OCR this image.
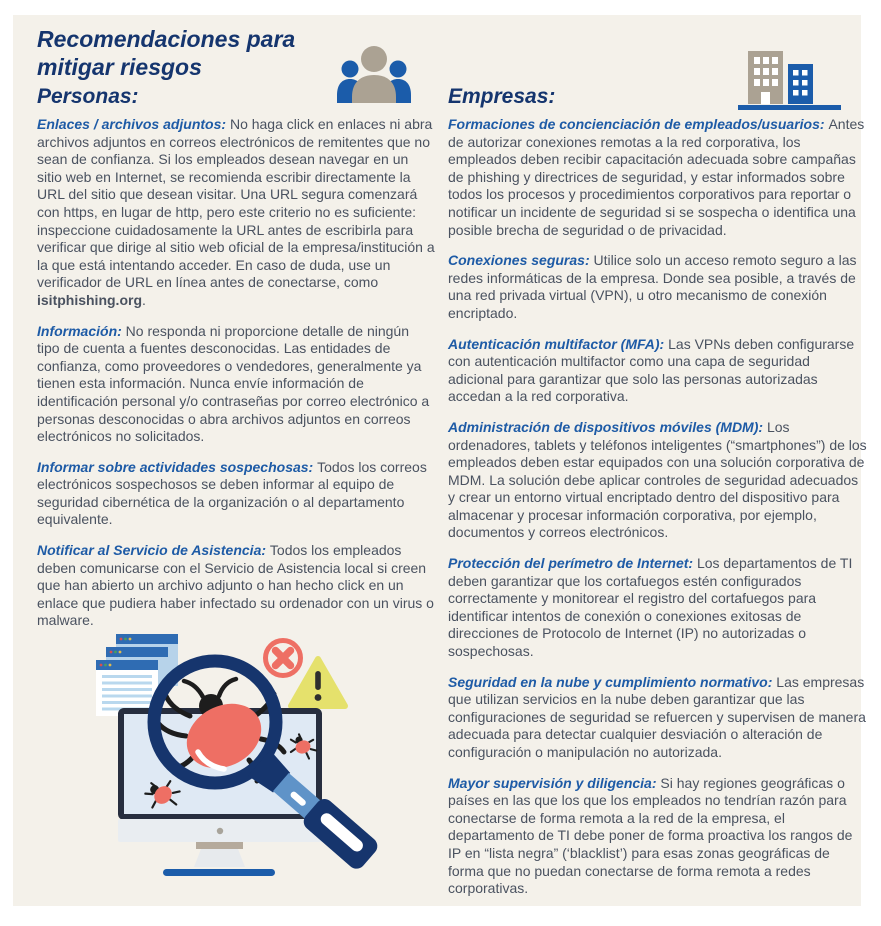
Recomendaciones para mitigar riesgos
Personas:	Empresas:

Enlaces / archivos adjuntos: No haga click en enlaces ni abra archivos adjuntos en correos electrónicos de remitentes que no sean de confianza. Si los empleados desean navegar en un sitio web en Internet, se recomienda escribir directamente la URL del sitio que desean visitar. Una URL segura comenzará con https, en lugar de http, pero este criterio no es suficiente: inspeccione cuidadosamente la URL antes de escribirla para verificar que dirige al sitio web oficial de la empresa/institución a la que está intentando acceder. En caso de duda, use un verificador de URL en línea antes de conectarse, como isitphishing.org.

Información: No responda ni proporcione detalle de ningún tipo de cuenta a fuentes desconocidas. Las entidades de confianza, como proveedores o vendedores, generalmente ya tienen esta información. Nunca envíe información de identificación personal y/o contraseñas por correo electrónico a personas desconocidas o abra archivos adjuntos en correos electrónicos no solicitados.

Informar sobre actividades sospechosas: Todos los correos electrónicos sospechosos se deben informar al equipo de seguridad cibernética de la organización o al departamento equivalente.

Notificar al Servicio de Asistencia: Todos los empleados deben comunicarse con el Servicio de Asistencia local si creen que han abierto un archivo adjunto o han hecho click en un enlace que pudiera haber infectado su ordenador con un virus o malware.

Formaciones de concienciación de empleados/usuarios: Antes de autorizar conexiones remotas a la red corporativa, los empleados deben recibir capacitación adecuada sobre campañas de phishing y directrices de seguridad, y estar informados sobre todos los procesos y procedimientos corporativos para reportar o notificar un incidente de seguridad si se sospecha o identifica una posible brecha de seguridad o de privacidad.

Conexiones seguras: Utilice solo un acceso remoto seguro a las redes informáticas de la empresa. Donde sea posible, a través de una red privada virtual (VPN), u otro mecanismo de conexión encriptado.

Autenticación multifactor (MFA): Las VPNs deben configurarse con autenticación multifactor como una capa de seguridad adicional para garantizar que solo las personas autorizadas accedan a la red corporativa.

Administración de dispositivos móviles (MDM): Los ordenadores, tablets y teléfonos inteligentes (“smartphones”) de los empleados deben estar equipados con una solución corporativa de MDM. La solución debe aplicar controles de seguridad adecuados y crear un entorno virtual encriptado dentro del dispositivo para almacenar y procesar información corporativa, por ejemplo, documentos y correos electrónicos.

Protección del perímetro de Internet: Los departamentos de TI deben garantizar que los cortafuegos estén configurados correctamente y monitorear el registro del cortafuegos para identificar intentos de conexión o conexiones exitosas de direcciones de Protocolo de Internet (IP) no autorizadas o sospechosas.

Seguridad en la nube y cumplimiento normativo: Las empresas que utilizan servicios en la nube deben garantizar que las configuraciones de seguridad se refuercen y supervisen de manera adecuada para detectar cualquier desviación o alteración de configuración o manipulación no autorizada.

Mayor supervisión y diligencia: Si hay regiones geográficas o países en las que los que los empleados no tendrían razón para conectarse de forma remota a la red de la empresa, el departamento de TI debe poner de forma proactiva los rangos de IP en “lista negra” (‘blacklist’) para esas zonas geográficas de forma que no puedan conectarse de forma remota a redes corporativas.
